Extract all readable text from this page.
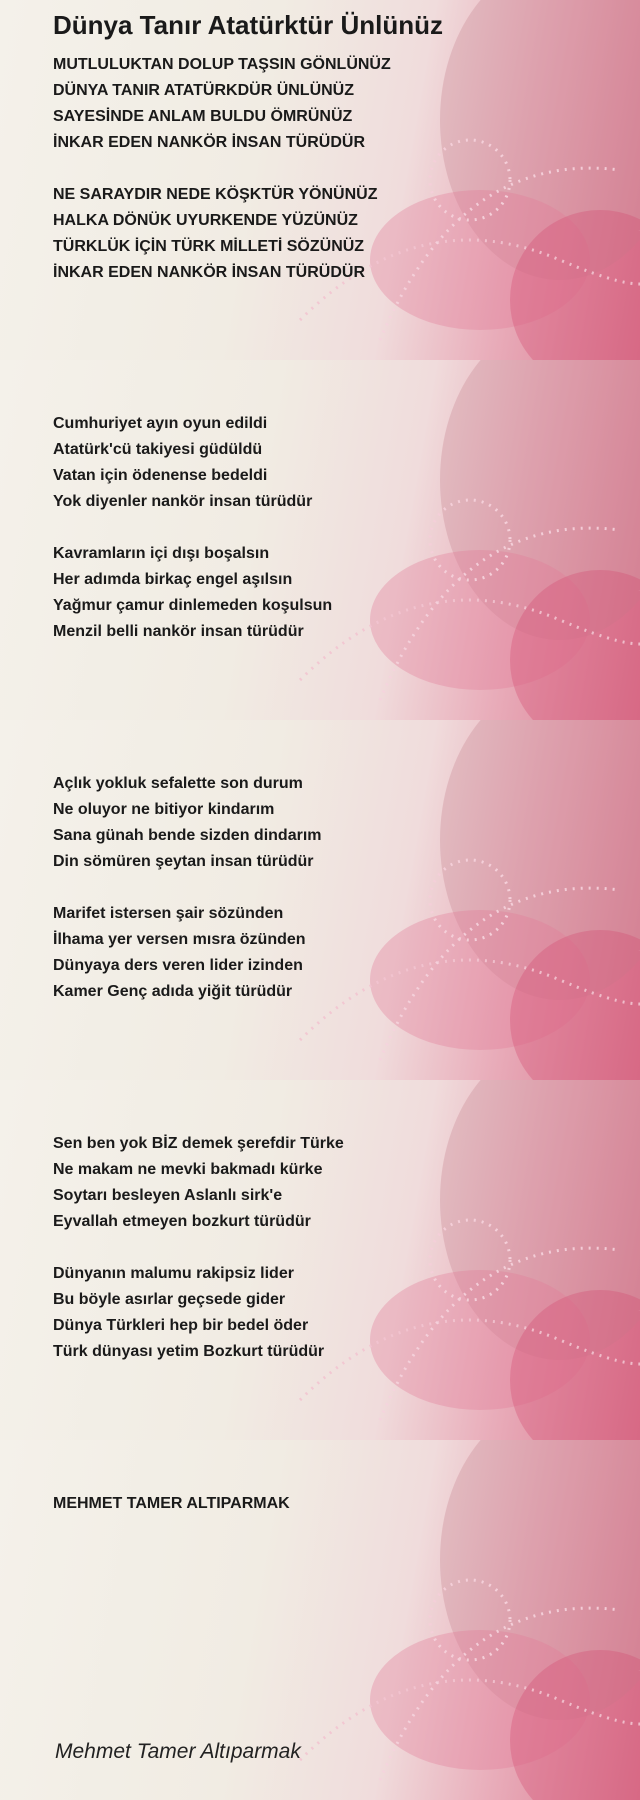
Dünya Tanır Atatürktür Ünlünüz
MUTLULUKTAN DOLUP TAŞSIN GÖNLÜNÜZ
DÜNYA TANIR ATATÜRKDÜR ÜNLÜNÜZ
SAYESİNDE ANLAM BULDU ÖMRÜNÜZ
İNKAR EDEN NANKÖR İNSAN TÜRÜDÜR
NE SARAYDIR NEDE KÖŞKTÜR YÖNÜNÜZ
HALKA DÖNÜK UYURKENDE YÜZÜNÜZ
TÜRKLÜK İÇİN TÜRK MİLLETİ SÖZÜNÜZ
İNKAR EDEN NANKÖR İNSAN TÜRÜDÜR
Cumhuriyet ayın oyun edildi
Atatürk'cü takiyesi güdüldü
Vatan için ödenense bedeldi
Yok diyenler nankör insan türüdür
Kavramların içi dışı boşalsın
Her adımda birkaç engel aşılsın
Yağmur çamur dinlemeden koşulsun
Menzil belli nankör insan türüdür
Açlık yokluk sefalette son durum
Ne oluyor ne bitiyor kindarım
Sana günah bende sizden dindarım
Din sömüren şeytan insan türüdür
Marifet istersen şair sözünden
İlhama yer versen mısra özünden
Dünyaya ders veren lider izinden
Kamer Genç adıda yiğit türüdür
Sen ben yok BİZ demek şerefdir Türke
Ne makam ne mevki bakmadı kürke
Soytarı besleyen Aslanlı sirk'e
Eyvallah etmeyen bozkurt türüdür
Dünyanın malumu rakipsiz lider
Bu böyle asırlar geçsede gider
Dünya Türkleri hep bir bedel öder
Türk dünyası yetim Bozkurt türüdür
MEHMET TAMER ALTIPARMAK
Mehmet Tamer Altıparmak
